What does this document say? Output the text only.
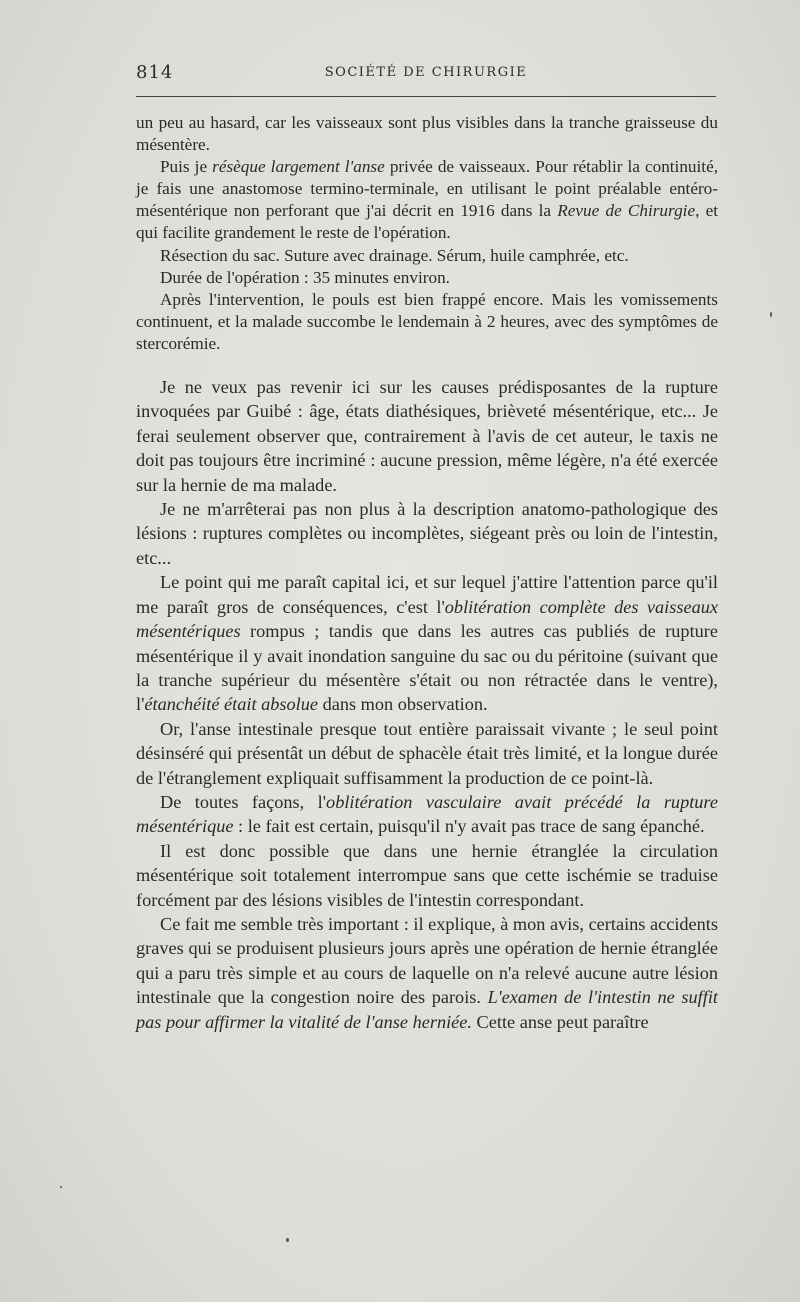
814	SOCIÉTÉ DE CHIRURGIE

un peu au hasard, car les vaisseaux sont plus visibles dans la tranche graisseuse du mésentère.

Puis je résèque largement l'anse privée de vaisseaux. Pour rétablir la continuité, je fais une anastomose termino-terminale, en utilisant le point préalable entéro-mésentérique non perforant que j'ai décrit en 1916 dans la Revue de Chirurgie, et qui facilite grandement le reste de l'opération.

Résection du sac. Suture avec drainage. Sérum, huile camphrée, etc.

Durée de l'opération : 35 minutes environ.

Après l'intervention, le pouls est bien frappé encore. Mais les vomissements continuent, et la malade succombe le lendemain à 2 heures, avec des symptômes de stercorémie.

Je ne veux pas revenir ici sur les causes prédisposantes de la rupture invoquées par Guibé : âge, états diathésiques, brièveté mésentérique, etc... Je ferai seulement observer que, contrairement à l'avis de cet auteur, le taxis ne doit pas toujours être incriminé : aucune pression, même légère, n'a été exercée sur la hernie de ma malade.

Je ne m'arrêterai pas non plus à la description anatomo-pathologique des lésions : ruptures complètes ou incomplètes, siégeant près ou loin de l'intestin, etc...

Le point qui me paraît capital ici, et sur lequel j'attire l'attention parce qu'il me paraît gros de conséquences, c'est l'oblitération complète des vaisseaux mésentériques rompus ; tandis que dans les autres cas publiés de rupture mésentérique il y avait inondation sanguine du sac ou du péritoine (suivant que la tranche supérieur du mésentère s'était ou non rétractée dans le ventre), l'étanchéité était absolue dans mon observation.

Or, l'anse intestinale presque tout entière paraissait vivante ; le seul point désinséré qui présentât un début de sphacèle était très limité, et la longue durée de l'étranglement expliquait suffisamment la production de ce point-là.

De toutes façons, l'oblitération vasculaire avait précédé la rupture mésentérique : le fait est certain, puisqu'il n'y avait pas trace de sang épanché.

Il est donc possible que dans une hernie étranglée la circulation mésentérique soit totalement interrompue sans que cette ischémie se traduise forcément par des lésions visibles de l'intestin correspondant.

Ce fait me semble très important : il explique, à mon avis, certains accidents graves qui se produisent plusieurs jours après une opération de hernie étranglée qui a paru très simple et au cours de laquelle on n'a relevé aucune autre lésion intestinale que la congestion noire des parois. L'examen de l'intestin ne suffit pas pour affirmer la vitalité de l'anse herniée. Cette anse peut paraître
